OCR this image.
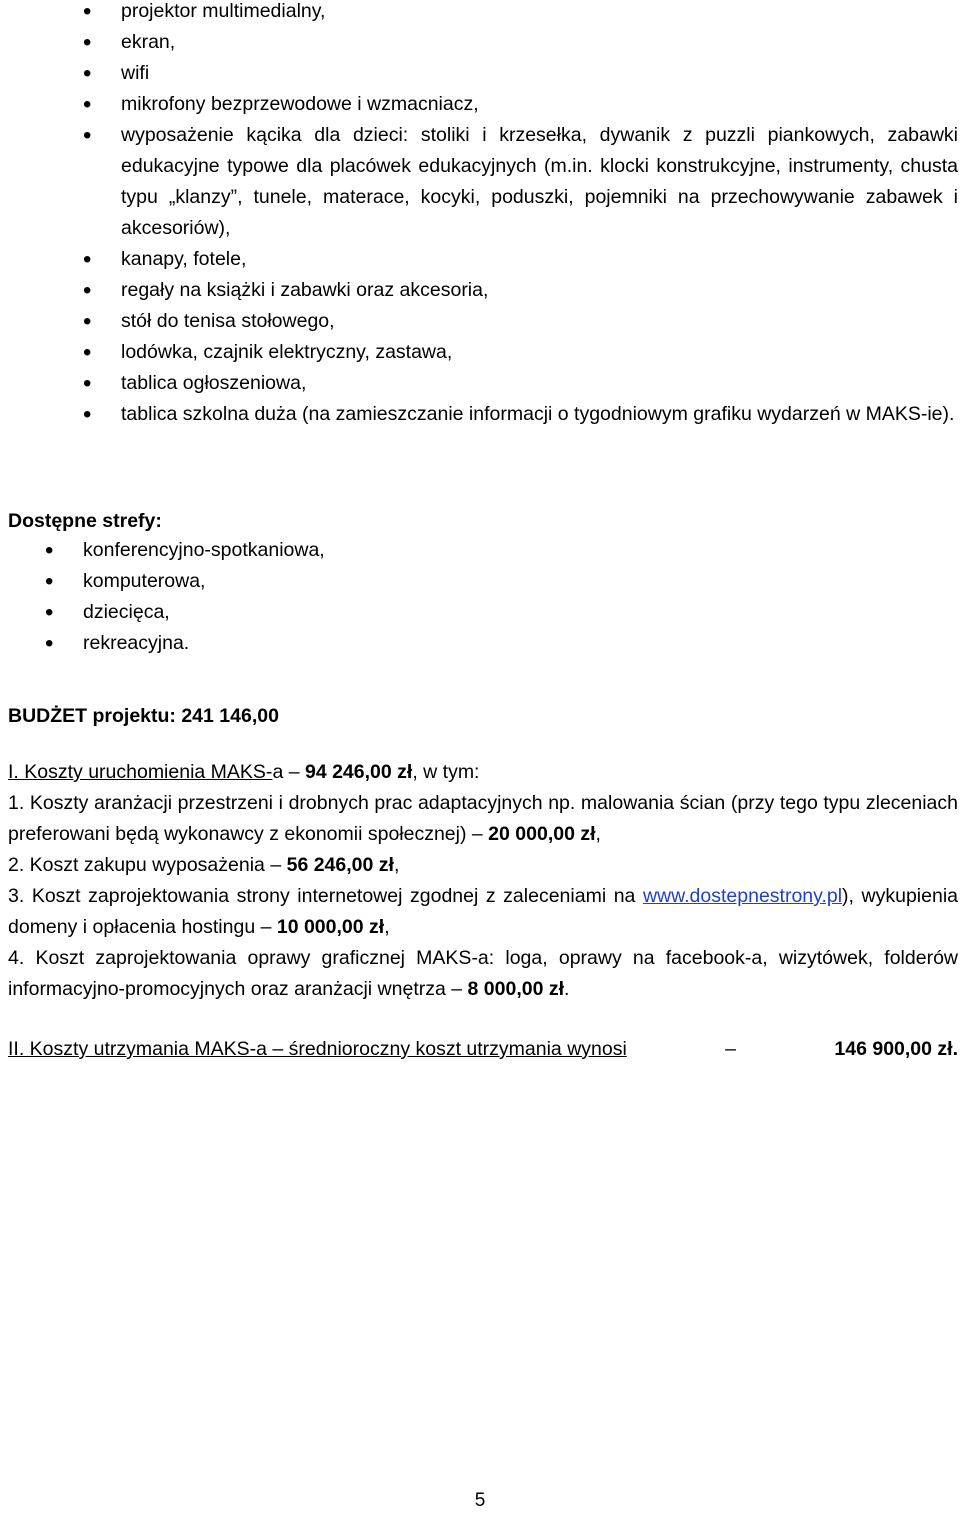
• projektor multimedialny,
• ekran,
• wifi
• mikrofony bezprzewodowe i wzmacniacz,
• wyposażenie kącika dla dzieci: stoliki i krzesełka, dywanik z puzzli piankowych, zabawki edukacyjne typowe dla placówek edukacyjnych (m.in. klocki konstrukcyjne, instrumenty, chusta typu „klanzy”, tunele, materace, kocyki, poduszki, pojemniki na przechowywanie zabawek i akcesoriów),
• kanapy, fotele,
• regały na książki i zabawki oraz akcesoria,
• stół do tenisa stołowego,
• lodówka, czajnik elektryczny, zastawa,
• tablica ogłoszeniowa,
• tablica szkolna duża (na zamieszczanie informacji o tygodniowym grafiku wydarzeń w MAKS-ie).
Dostępne strefy:
• konferencyjno-spotkaniowa,
• komputerowa,
• dziecięca,
• rekreacyjna.
BUDŻET projektu: 241 146,00
I. Koszty uruchomienia MAKS-a – 94 246,00 zł, w tym:
1. Koszty aranżacji przestrzeni i drobnych prac adaptacyjnych np. malowania ścian (przy tego typu zleceniach preferowani będą wykonawcy z ekonomii społecznej) – 20 000,00 zł,
2. Koszt zakupu wyposażenia – 56 246,00 zł,
3. Koszt zaprojektowania strony internetowej zgodnej z zaleceniami na www.dostepnestrony.pl), wykupienia domeny i opłacenia hostingu – 10 000,00 zł,
4. Koszt zaprojektowania oprawy graficznej MAKS-a: loga, oprawy na facebook-a, wizytówek, folderów informacyjno-promocyjnych oraz aranżacji wnętrza – 8 000,00 zł.
II. Koszty utrzymania MAKS-a – średnioroczny koszt utrzymania wynosi	–	146 900,00 zł.
5
